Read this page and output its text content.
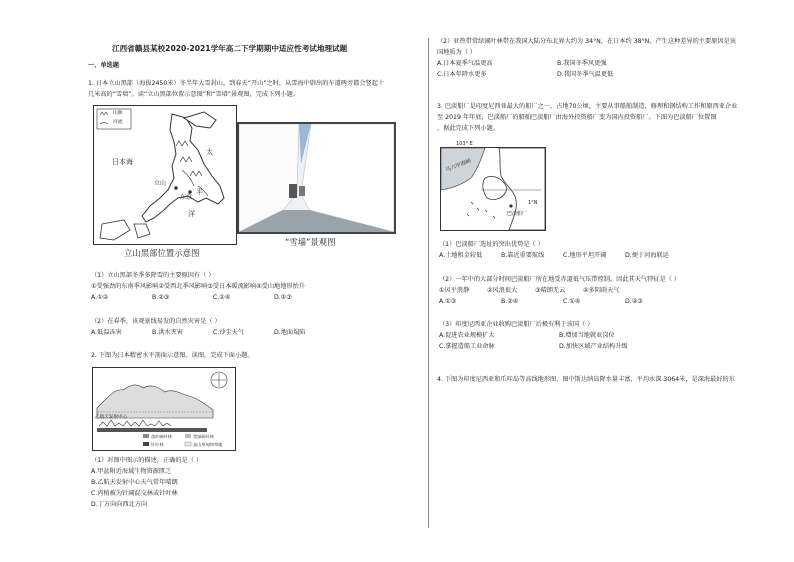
江西省赣县某校2020-2021学年高二下学期期中适应性考试地理试题
一、单选题
1. 日本立山黑部（海拔2450米）冬半年大雪封山，到春天“开山”之时，从雪海中辟出的车道两旁都会竖起十
几米高的“雪墙”。读“立山黑部位置示意图”和“雪墙”景观图，完成下列小题。
山脉
河流
日本海
太
平
洋
立山
东京
立山黑部位置示意图
“雪墙”景观图
（1）立山黑部冬季多降雪的主要原因有（ ）
①受强劲的东南季风影响②受西北季风影响③受日本暖流影响④受山地地形抬升
A.①②	B.②③	C.①④	D.①③
（2）在春季，该观景线易发的自然灾害是（ ）
A.低温冻害	B.洪水灾害	C.沙尘天气	D.地面塌陷
2. 下图为日本精密水平剖面示意图。读图，完成下面小题。
乙航天发射中心
落叶阔叶林	常绿阔叶林
针叶林	高山草甸和草地
（1）对图中图示的描述，正确的是（ ）
A.甲盆附近海域生物资源匮乏
B.乙航天发射中心天气常年晴朗
C.丙植被为针阔混交林或针叶林
D.丁方向向西北方向
（2）亚热带常绿阔叶林带在我国大陆分布北界大约为 34°N，在日本约 38°N。产生这种差异的主要原因是该
国地质为（ ）
A.日本夏季气温更高	B.我国冬季风更强
C.日本年降水更多	D.我国冬季气温更低
3. 巴淡船厂是印度尼西亚最大的船厂之一，占地70公顷，主要从事船舶制造、修理和钢结构工作和原西亚企业
至 2019 年年底，巴淡船厂的船舶巴淡船厂由海外投资船厂变为国内投资船厂。下图为巴淡船厂位置图
，据此完成下列小题。
马六甲海峡
1°N
巴淡船厂
103° E
（1）巴淡船厂选址的突出优势是（ ）
A.土地租金较低	B.靠近重要航线	C.地形平坦开阔	D.便于河海联运
（2）一年中的大部分时间巴淡船厂所在地受赤道低气压带控制，因此其天气特征是（ ）
①风平浪静	②风浪很大	③晴朗无云	④多阴雨天气
A.①③	B.②④	C.①④	D.②③
（3）印度尼西亚企业收购巴淡船厂后极有利于该国（ ）
A.促进农业规模扩大	B.增加当地就业岗位
C.掌握造船工业命脉	D.加快区域产业结构升级
4. 下图为印度尼西亚和爪哇岛等高线地形图，图中斯达纳岛降水量丰富，平均水深 3064米，是深海最好的东
